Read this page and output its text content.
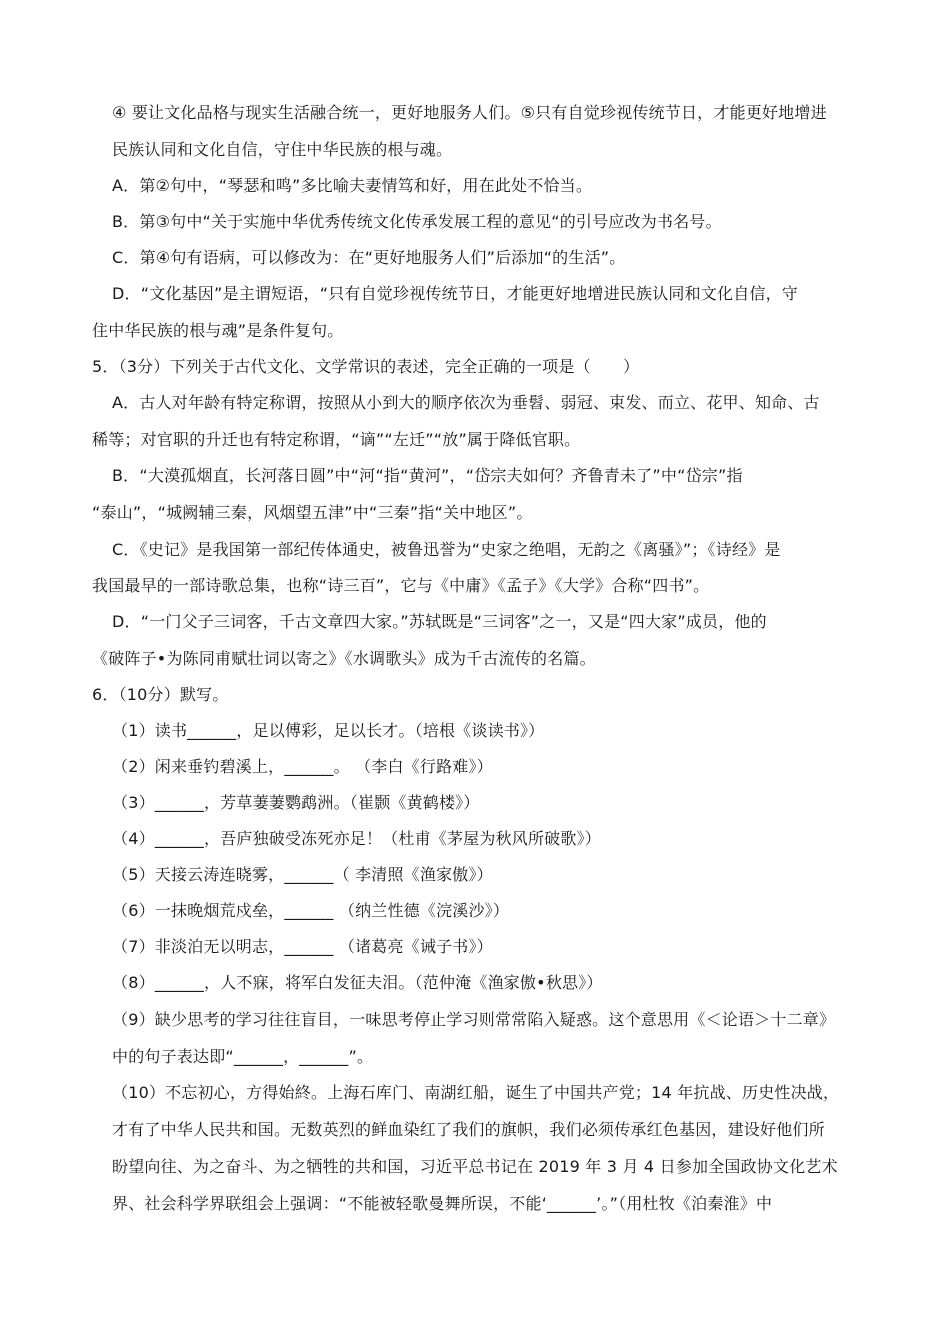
④ 要让文化品格与现实生活融合统一，更好地服务人们。⑤只有自觉珍视传统节日，才能更好地增进
民族认同和文化自信，守住中华民族的根与魂。
A．第②句中，“琴瑟和鸣”多比喻夫妻情笃和好，用在此处不恰当。
B．第③句中“关于实施中华优秀传统文化传承发展工程的意见“的引号应改为书名号。
C．第④句有语病，可以修改为：在“更好地服务人们”后添加“的生活”。
D．“文化基因”是主谓短语，“只有自觉珍视传统节日，才能更好地增进民族认同和文化自信，守
住中华民族的根与魂”是条件复句。
5．（3分）下列关于古代文化、文学常识的表述，完全正确的一项是（　　）
A．古人对年龄有特定称谓，按照从小到大的顺序依次为垂髫、弱冠、束发、而立、花甲、知命、古
稀等；对官职的升迁也有特定称谓，“谪”“左迁”“放”属于降低官职。
B．“大漠孤烟直，长河落日圆”中“河“指“黄河”，“岱宗夫如何？齐鲁青未了”中“岱宗”指
“泰山”，“城阙辅三秦，风烟望五津”中“三秦”指“关中地区”。
C．《史记》是我国第一部纪传体通史，被鲁迅誉为“史家之绝唱，无韵之《离骚》”；《诗经》是
我国最早的一部诗歌总集，也称“诗三百”，它与《中庸》《孟子》《大学》合称“四书”。
D．“一门父子三词客，千古文章四大家。”苏轼既是“三词客”之一，又是“四大家”成员，他的
《破阵子•为陈同甫赋壮词以寄之》《水调歌头》成为千古流传的名篇。
6．（10分）默写。
（1）读书______，足以傅彩，足以长才。（培根《谈读书》）
（2）闲来垂钓碧溪上，______。 （李白《行路难》）
（3）______，芳草萋萋鹦鹉洲。（崔颢《黄鹤楼》）
（4）______，吾庐独破受冻死亦足！（杜甫《茅屋为秋风所破歌》）
（5）天接云涛连晓雾，______（ 李清照《渔家傲》）
（6）一抹晚烟荒戍垒，______ （纳兰性德《浣溪沙》）
（7）非淡泊无以明志，______ （诸葛亮《诫子书》）
（8）______，人不寐，将军白发征夫泪。（范仲淹《渔家傲•秋思》）
（9）缺少思考的学习往往盲目，一味思考停止学习则常常陷入疑惑。这个意思用《＜论语＞十二章》
中的句子表达即“______，______”。
（10）不忘初心，方得始終。上海石库门、南湖红船，诞生了中国共产党；14 年抗战、历史性决战，
才有了中华人民共和国。无数英烈的鲜血染红了我们的旗帜，我们必须传承红色基因，建设好他们所
盼望向往、为之奋斗、为之牺牲的共和国，习近平总书记在 2019 年 3 月 4 日参加全国政协文化艺术
界、社会科学界联组会上强调：“不能被轻歌曼舞所误，不能‘______’。”（用杜牧《泊秦淮》中
